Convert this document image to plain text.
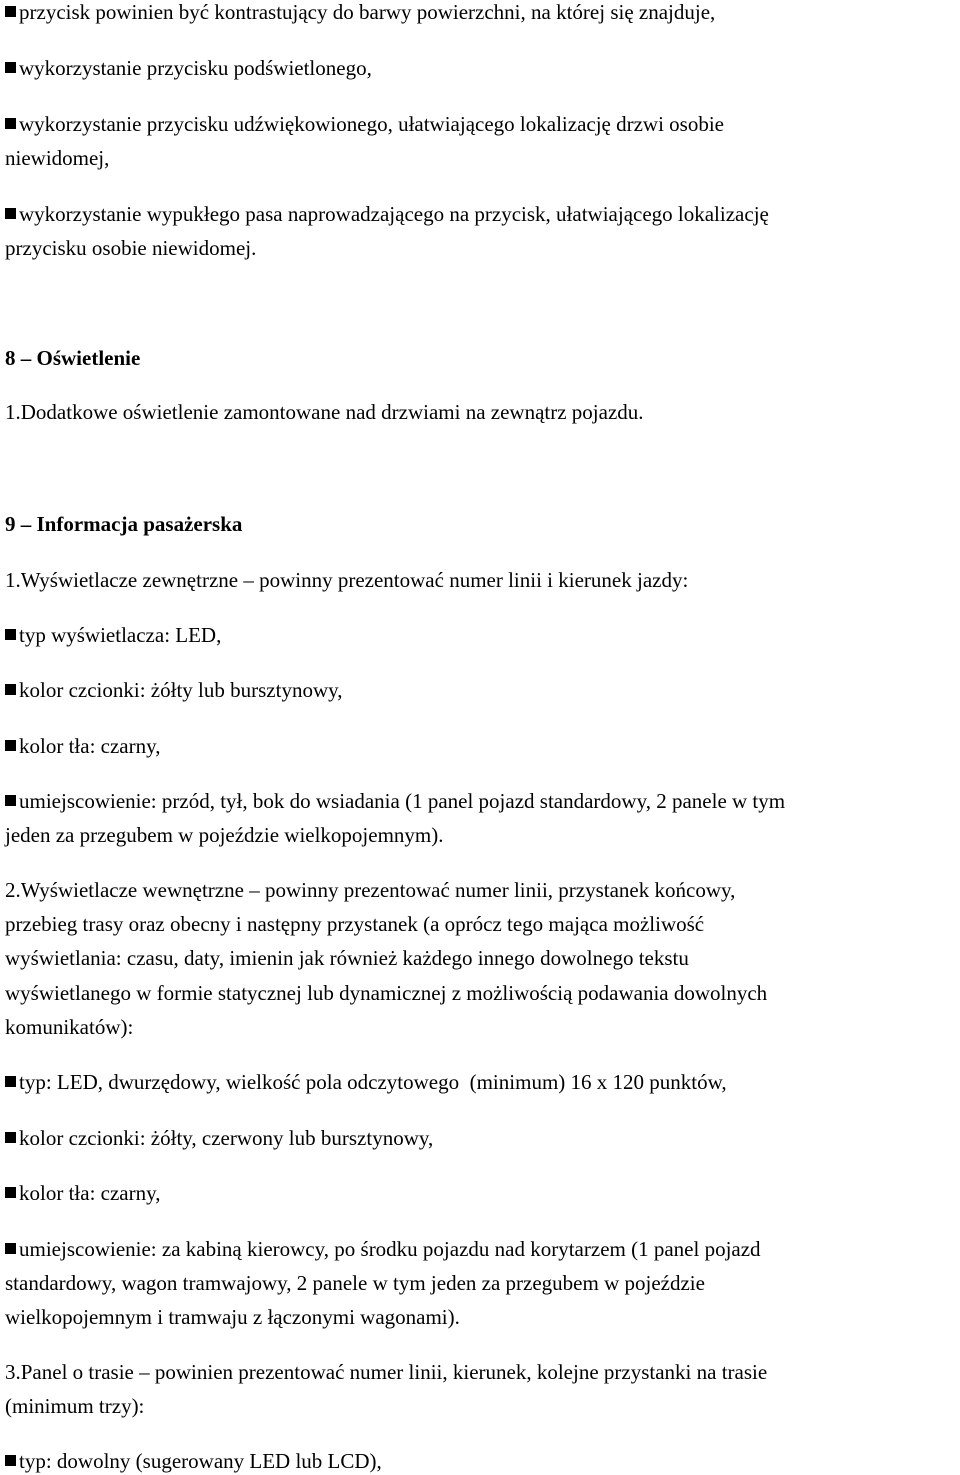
przycisk powinien być kontrastujący do barwy powierzchni, na której się znajduje,
wykorzystanie przycisku podświetlonego,
wykorzystanie przycisku udźwiękowionego, ułatwiającego lokalizację drzwi osobie
niewidomej,
wykorzystanie wypukłego pasa naprowadzającego na przycisk, ułatwiającego lokalizację
przycisku osobie niewidomej.
8 – Oświetlenie
1.Dodatkowe oświetlenie zamontowane nad drzwiami na zewnątrz pojazdu.
9 – Informacja pasażerska
1.Wyświetlacze zewnętrzne – powinny prezentować numer linii i kierunek jazdy:
typ wyświetlacza: LED,
kolor czcionki: żółty lub bursztynowy,
kolor tła: czarny,
umiejscowienie: przód, tył, bok do wsiadania (1 panel pojazd standardowy, 2 panele w tym
jeden za przegubem w pojeździe wielkopojemnym).
2.Wyświetlacze wewnętrzne – powinny prezentować numer linii, przystanek końcowy,
przebieg trasy oraz obecny i następny przystanek (a oprócz tego mająca możliwość
wyświetlania: czasu, daty, imienin jak również każdego innego dowolnego tekstu
wyświetlanego w formie statycznej lub dynamicznej z możliwością podawania dowolnych
komunikatów):
typ: LED, dwurzędowy, wielkość pola odczytowego  (minimum) 16 x 120 punktów,
kolor czcionki: żółty, czerwony lub bursztynowy,
kolor tła: czarny,
umiejscowienie: za kabiną kierowcy, po środku pojazdu nad korytarzem (1 panel pojazd
standardowy, wagon tramwajowy, 2 panele w tym jeden za przegubem w pojeździe
wielkopojemnym i tramwaju z łączonymi wagonami).
3.Panel o trasie – powinien prezentować numer linii, kierunek, kolejne przystanki na trasie
(minimum trzy):
typ: dowolny (sugerowany LED lub LCD),
